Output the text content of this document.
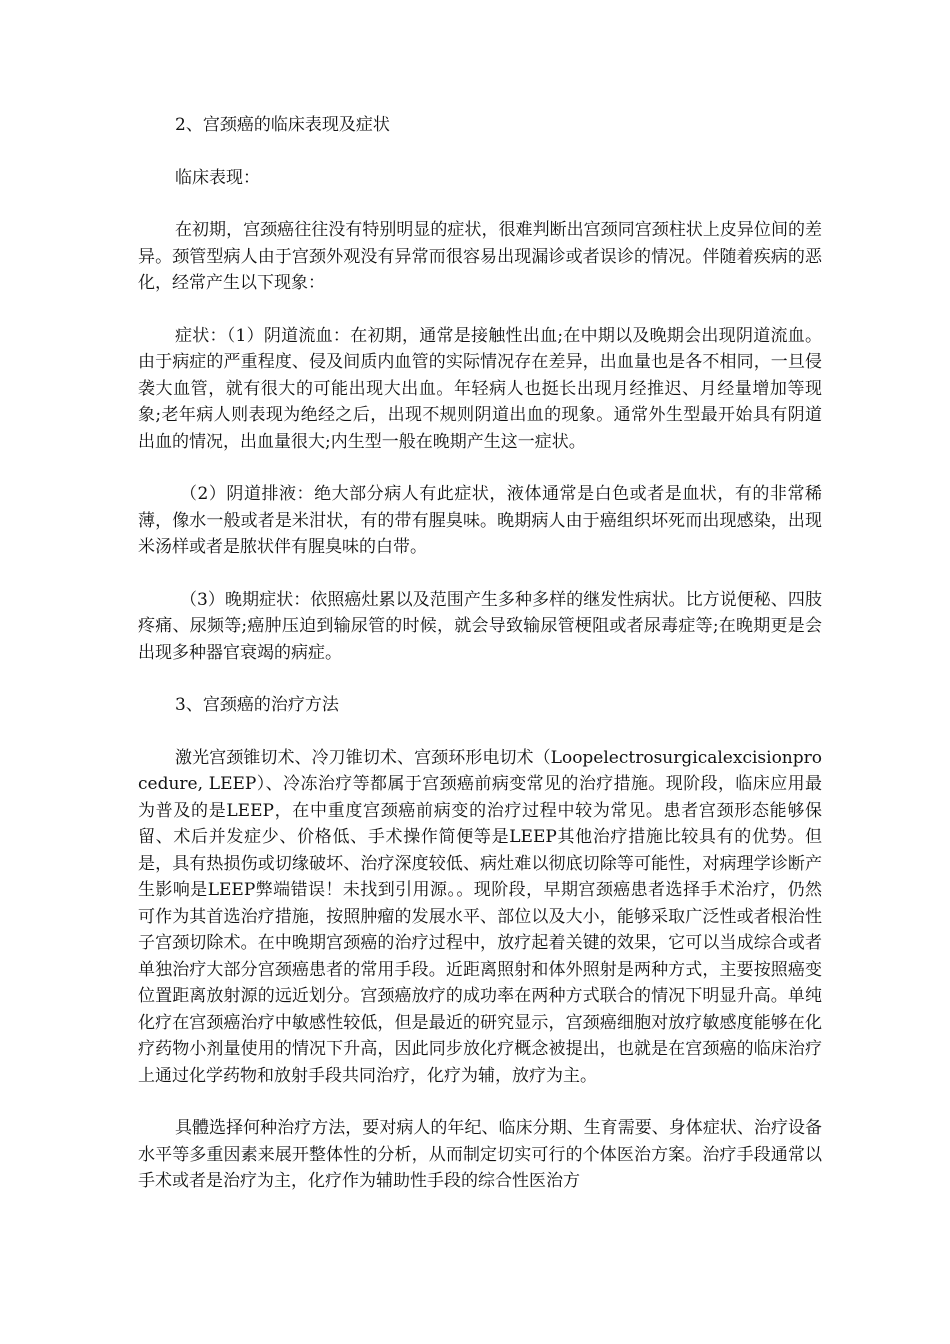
2、宫颈癌的临床表现及症状

临床表现：

在初期，宫颈癌往往没有特别明显的症状，很难判断出宫颈同宫颈柱状上皮异位间的差异。颈管型病人由于宫颈外观没有异常而很容易出现漏诊或者误诊的情况。伴随着疾病的恶化，经常产生以下现象：

症状：（1）阴道流血：在初期，通常是接触性出血;在中期以及晚期会出现阴道流血。由于病症的严重程度、侵及间质内血管的实际情况存在差异，出血量也是各不相同，一旦侵袭大血管，就有很大的可能出现大出血。年轻病人也挺长出现月经推迟、月经量增加等现象;老年病人则表现为绝经之后，出现不规则阴道出血的现象。通常外生型最开始具有阴道出血的情况，出血量很大;内生型一般在晚期产生这一症状。

（2）阴道排液：绝大部分病人有此症状，液体通常是白色或者是血状，有的非常稀薄，像水一般或者是米泔状，有的带有腥臭味。晚期病人由于癌组织坏死而出现感染，出现米汤样或者是脓状伴有腥臭味的白带。

（3）晚期症状：依照癌灶累以及范围产生多种多样的继发性病状。比方说便秘、四肢疼痛、尿频等;癌肿压迫到输尿管的时候，就会导致输尿管梗阻或者尿毒症等;在晚期更是会出现多种器官衰竭的病症。

3、宫颈癌的治疗方法

激光宫颈锥切术、冷刀锥切术、宫颈环形电切术（Loopelectrosurgicalexcisionprocedure, LEEP）、冷冻治疗等都属于宫颈癌前病变常见的治疗措施。现阶段，临床应用最为普及的是LEEP，在中重度宫颈癌前病变的治疗过程中较为常见。患者宫颈形态能够保留、术后并发症少、价格低、手术操作简便等是LEEP其他治疗措施比较具有的优势。但是，具有热损伤或切缘破坏、治疗深度较低、病灶难以彻底切除等可能性，对病理学诊断产生影响是LEEP弊端错误！未找到引用源。。现阶段，早期宫颈癌患者选择手术治疗，仍然可作为其首选治疗措施，按照肿瘤的发展水平、部位以及大小，能够采取广泛性或者根治性子宫颈切除术。在中晚期宫颈癌的治疗过程中，放疗起着关键的效果，它可以当成综合或者单独治疗大部分宫颈癌患者的常用手段。近距离照射和体外照射是两种方式，主要按照癌变位置距离放射源的远近划分。宫颈癌放疗的成功率在两种方式联合的情况下明显升高。单纯化疗在宫颈癌治疗中敏感性较低，但是最近的研究显示，宫颈癌细胞对放疗敏感度能够在化疗药物小剂量使用的情况下升高，因此同步放化疗概念被提出，也就是在宫颈癌的临床治疗上通过化学药物和放射手段共同治疗，化疗为辅，放疗为主。

具體选择何种治疗方法，要对病人的年纪、临床分期、生育需要、身体症状、治疗设备水平等多重因素来展开整体性的分析，从而制定切实可行的个体医治方案。治疗手段通常以手术或者是治疗为主，化疗作为辅助性手段的综合性医治方
